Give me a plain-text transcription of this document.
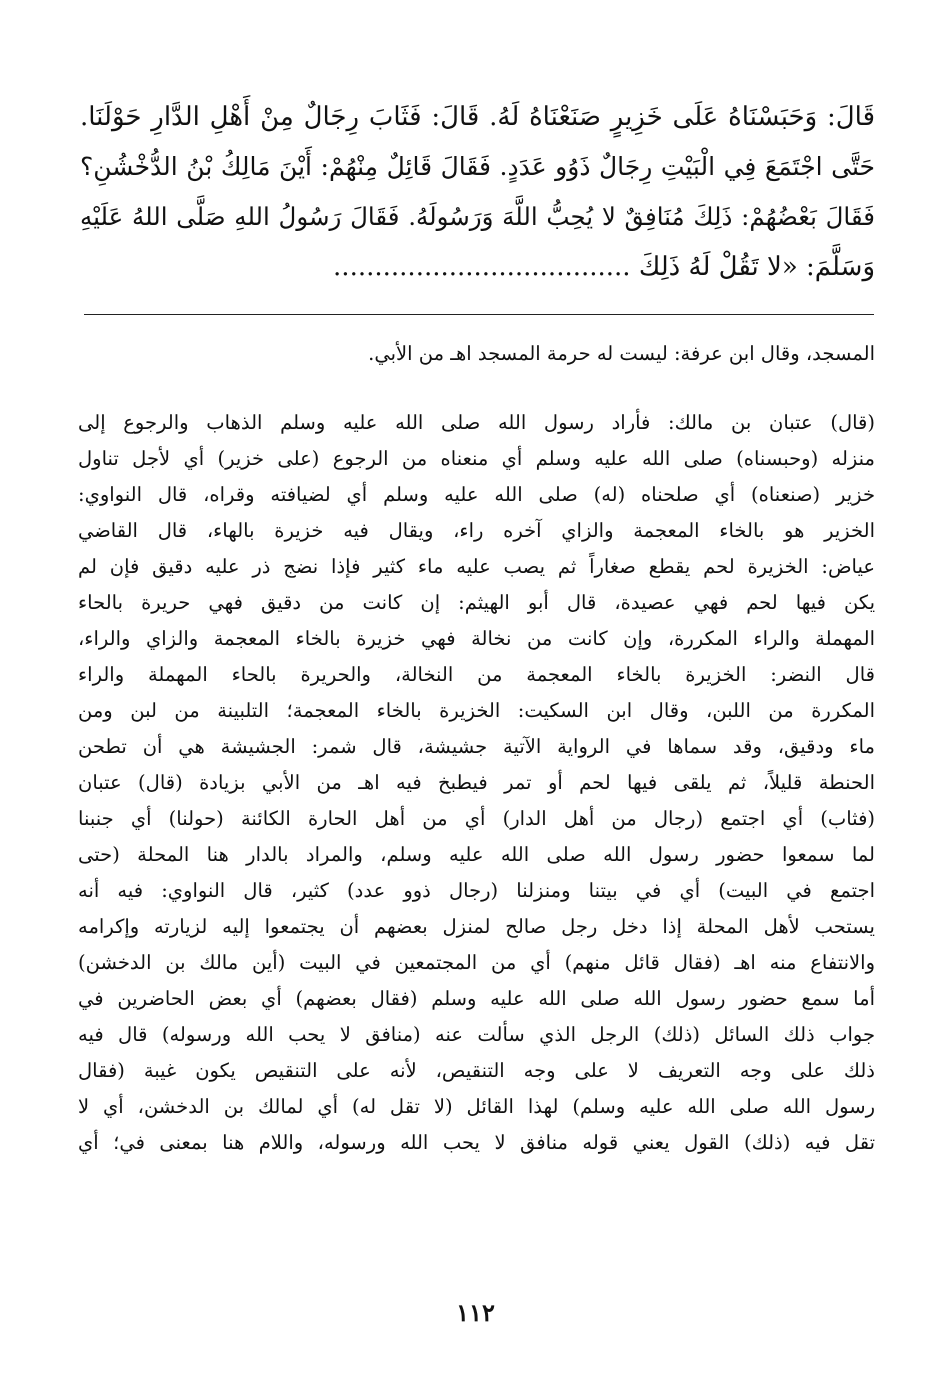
قَالَ: وَحَبَسْنَاهُ عَلَى خَزِيرٍ صَنَعْنَاهُ لَهُ. قَالَ: فَثَابَ رِجَالٌ مِنْ أَهْلِ الدَّارِ حَوْلَنَا.
حَتَّى اجْتَمَعَ فِي الْبَيْتِ رِجَالٌ ذَوُو عَدَدٍ. فَقَالَ قَائِلٌ مِنْهُمْ: أَيْنَ مَالِكُ بْنُ الدُّخْشُنِ؟
فَقَالَ بَعْضُهُمْ: ذَلِكَ مُنَافِقٌ لا يُحِبُّ اللَّهَ وَرَسُولَهُ. فَقَالَ رَسُولُ اللهِ صَلَّى اللهُ عَلَيْهِ
وَسَلَّمَ: «لا تَقُلْ لَهُ ذَلِكَ ....................................
المسجد، وقال ابن عرفة: ليست له حرمة المسجد اهـ من الأبي.
(قال) عتبان بن مالك: فأراد رسول الله صلى الله عليه وسلم الذهاب والرجوع إلى
منزله (وحبسناه) صلى الله عليه وسلم أي منعناه من الرجوع (على خزير) أي لأجل تناول
خزير (صنعناه) أي صلحناه (له) صلى الله عليه وسلم أي لضيافته وقراه، قال النواوي:
الخزير هو بالخاء المعجمة والزاي آخره راء، ويقال فيه خزيرة بالهاء، قال القاضي
عياض: الخزيرة لحم يقطع صغاراً ثم يصب عليه ماء كثير فإذا نضج ذر عليه دقيق فإن لم
يكن فيها لحم فهي عصيدة، قال أبو الهيثم: إن كانت من دقيق فهي حريرة بالحاء
المهملة والراء المكررة، وإن كانت من نخالة فهي خزيرة بالخاء المعجمة والزاي والراء،
قال النضر: الخزيرة بالخاء المعجمة من النخالة، والحريرة بالحاء المهملة والراء
المكررة من اللبن، وقال ابن السكيت: الخزيرة بالخاء المعجمة؛ التلبينة من لبن ومن
ماء ودقيق، وقد سماها في الرواية الآتية جشيشة، قال شمر: الجشيشة هي أن تطحن
الحنطة قليلاً، ثم يلقى فيها لحم أو تمر فيطبخ فيه اهـ من الأبي بزيادة (قال) عتبان
(فثاب) أي اجتمع (رجال من أهل الدار) أي من أهل الحارة الكائنة (حولنا) أي جنبنا
لما سمعوا حضور رسول الله صلى الله عليه وسلم، والمراد بالدار هنا المحلة (حتى
اجتمع في البيت) أي في بيتنا ومنزلنا (رجال ذوو عدد) كثير، قال النواوي: فيه أنه
يستحب لأهل المحلة إذا دخل رجل صالح لمنزل بعضهم أن يجتمعوا إليه لزيارته وإكرامه
والانتفاع منه اهـ (فقال قائل منهم) أي من المجتمعين في البيت (أين مالك بن الدخشن)
أما سمع حضور رسول الله صلى الله عليه وسلم (فقال بعضهم) أي بعض الحاضرين في
جواب ذلك السائل (ذلك) الرجل الذي سألت عنه (منافق لا يحب الله ورسوله) قال فيه
ذلك على وجه التعريف لا على وجه التنقيص، لأنه على التنقيص يكون غيبة (فقال
رسول الله صلى الله عليه وسلم) لهذا القائل (لا تقل له) أي لمالك بن الدخشن، أي لا
تقل فيه (ذلك) القول يعني قوله منافق لا يحب الله ورسوله، واللام هنا بمعنى في؛ أي
١١٢
